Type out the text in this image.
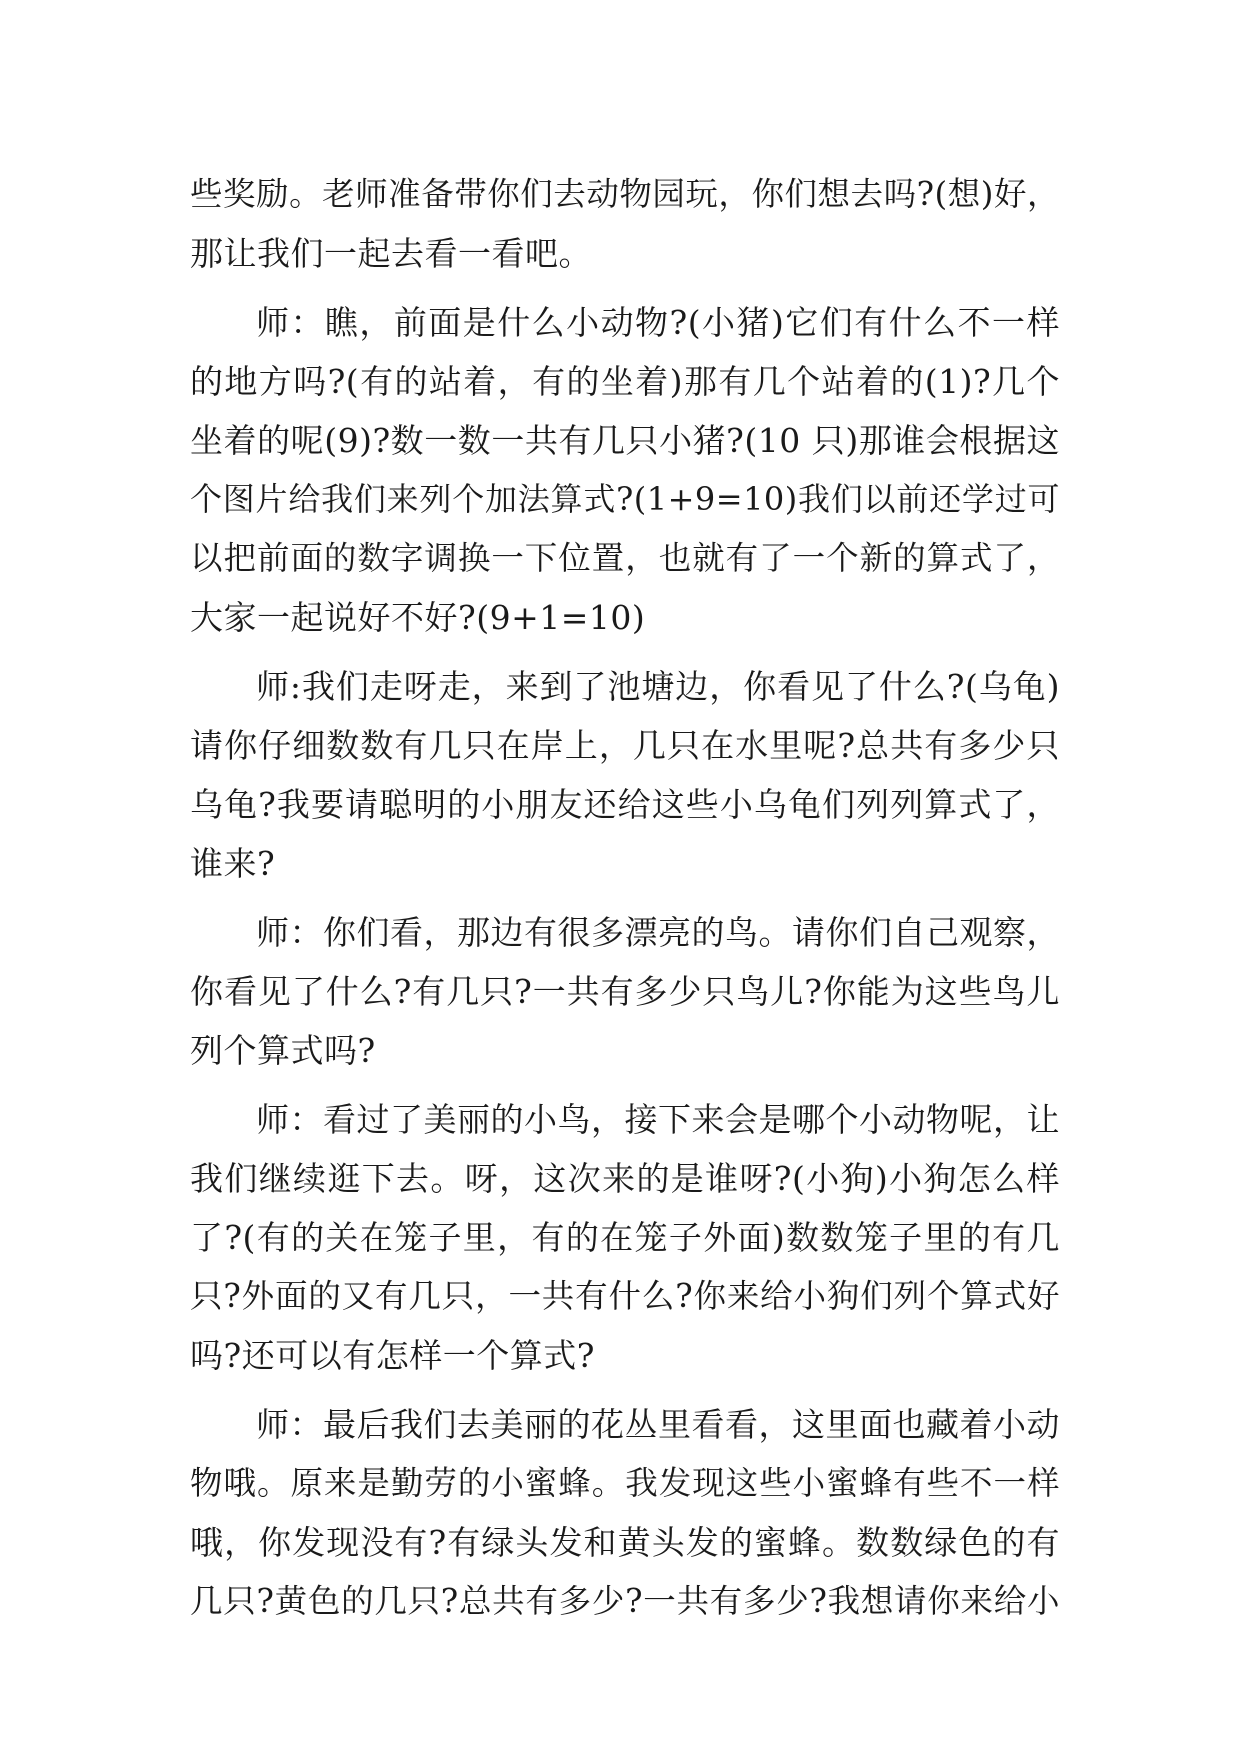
些奖励。老师准备带你们去动物园玩，你们想去吗?(想)好，
那让我们一起去看一看吧。
师：瞧，前面是什么小动物?(小猪)它们有什么不一样
的地方吗?(有的站着，有的坐着)那有几个站着的(1)?几个
坐着的呢(9)?数一数一共有几只小猪?(10 只)那谁会根据这
个图片给我们来列个加法算式?(1+9=10)我们以前还学过可
以把前面的数字调换一下位置，也就有了一个新的算式了，
大家一起说好不好?(9+1=10)
师:我们走呀走，来到了池塘边，你看见了什么?(乌龟)
请你仔细数数有几只在岸上，几只在水里呢?总共有多少只
乌龟?我要请聪明的小朋友还给这些小乌龟们列列算式了，
谁来?
师：你们看，那边有很多漂亮的鸟。请你们自己观察，
你看见了什么?有几只?一共有多少只鸟儿?你能为这些鸟儿
列个算式吗?
师：看过了美丽的小鸟，接下来会是哪个小动物呢，让
我们继续逛下去。呀，这次来的是谁呀?(小狗)小狗怎么样
了?(有的关在笼子里，有的在笼子外面)数数笼子里的有几
只?外面的又有几只，一共有什么?你来给小狗们列个算式好
吗?还可以有怎样一个算式?
师：最后我们去美丽的花丛里看看，这里面也藏着小动
物哦。原来是勤劳的小蜜蜂。我发现这些小蜜蜂有些不一样
哦，你发现没有?有绿头发和黄头发的蜜蜂。数数绿色的有
几只?黄色的几只?总共有多少?一共有多少?我想请你来给小
